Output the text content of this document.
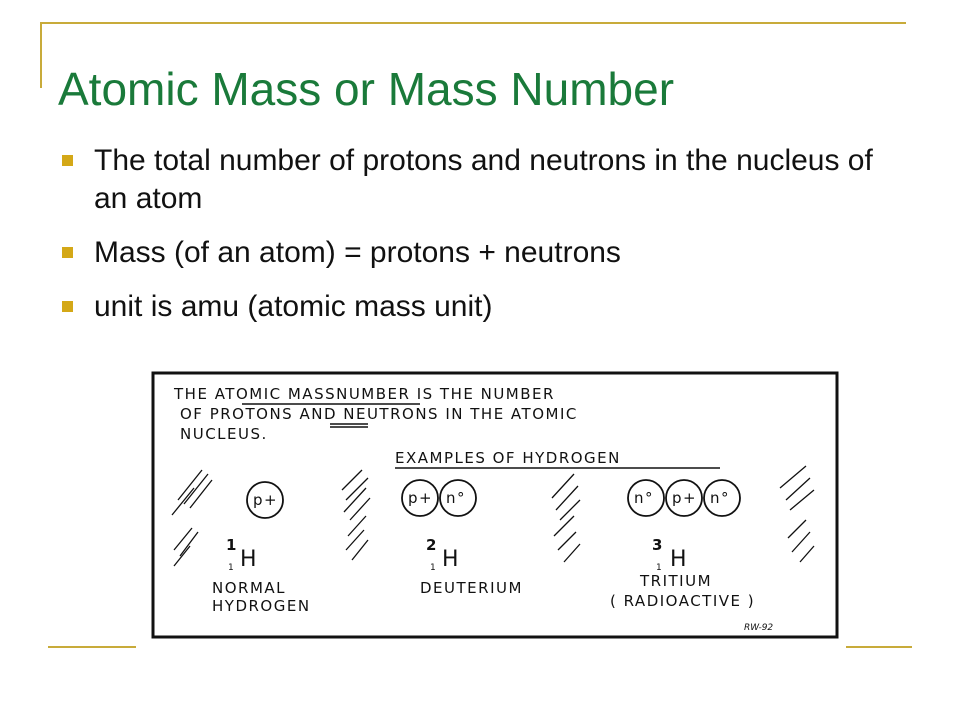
Atomic Mass or Mass Number
The total number of protons and neutrons in the nucleus of an atom
Mass (of an atom) = protons + neutrons
unit is amu (atomic mass unit)
THE ATOMIC MASSNUMBER IS THE NUMBER
OF PROTONS AND NEUTRONS IN THE ATOMIC
NUCLEUS.
EXAMPLES OF HYDROGEN
p+	p+ n°	n° p+ n°
1
1 H
2
1 H
3
1 H
NORMAL
HYDROGEN
DEUTERIUM	TRITIUM
( RADIOACTIVE )
RW-92
